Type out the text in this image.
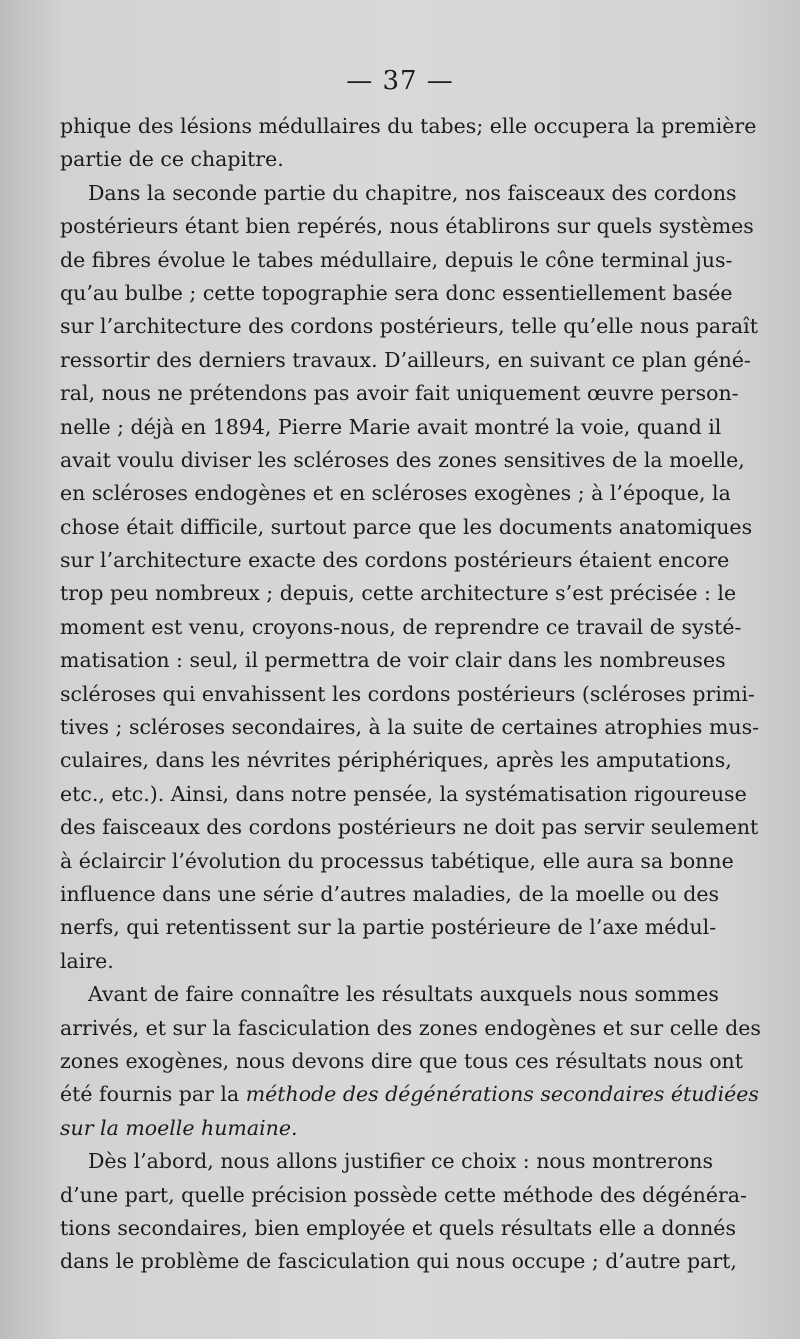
— 37 —
phique des lésions médullaires du tabes; elle occupera la première
partie de ce chapitre.
Dans la seconde partie du chapitre, nos faisceaux des cordons
postérieurs étant bien repérés, nous établirons sur quels systèmes
de fibres évolue le tabes médullaire, depuis le cône terminal jus-
qu’au bulbe ; cette topographie sera donc essentiellement basée
sur l’architecture des cordons postérieurs, telle qu’elle nous paraît
ressortir des derniers travaux. D’ailleurs, en suivant ce plan géné-
ral, nous ne prétendons pas avoir fait uniquement œuvre person-
nelle ; déjà en 1894, Pierre Marie avait montré la voie, quand il
avait voulu diviser les scléroses des zones sensitives de la moelle,
en scléroses endogènes et en scléroses exogènes ; à l’époque, la
chose était difficile, surtout parce que les documents anatomiques
sur l’architecture exacte des cordons postérieurs étaient encore
trop peu nombreux ; depuis, cette architecture s’est précisée : le
moment est venu, croyons-nous, de reprendre ce travail de systé-
matisation : seul, il permettra de voir clair dans les nombreuses
scléroses qui envahissent les cordons postérieurs (scléroses primi-
tives ; scléroses secondaires, à la suite de certaines atrophies mus-
culaires, dans les névrites périphériques, après les amputations,
etc., etc.). Ainsi, dans notre pensée, la systématisation rigoureuse
des faisceaux des cordons postérieurs ne doit pas servir seulement
à éclaircir l’évolution du processus tabétique, elle aura sa bonne
influence dans une série d’autres maladies, de la moelle ou des
nerfs, qui retentissent sur la partie postérieure de l’axe médul-
laire.
Avant de faire connaître les résultats auxquels nous sommes
arrivés, et sur la fasciculation des zones endogènes et sur celle des
zones exogènes, nous devons dire que tous ces résultats nous ont
été fournis par la méthode des dégénérations secondaires étudiées
sur la moelle humaine.
Dès l’abord, nous allons justifier ce choix : nous montrerons
d’une part, quelle précision possède cette méthode des dégénéra-
tions secondaires, bien employée et quels résultats elle a donnés
dans le problème de fasciculation qui nous occupe ; d’autre part,
